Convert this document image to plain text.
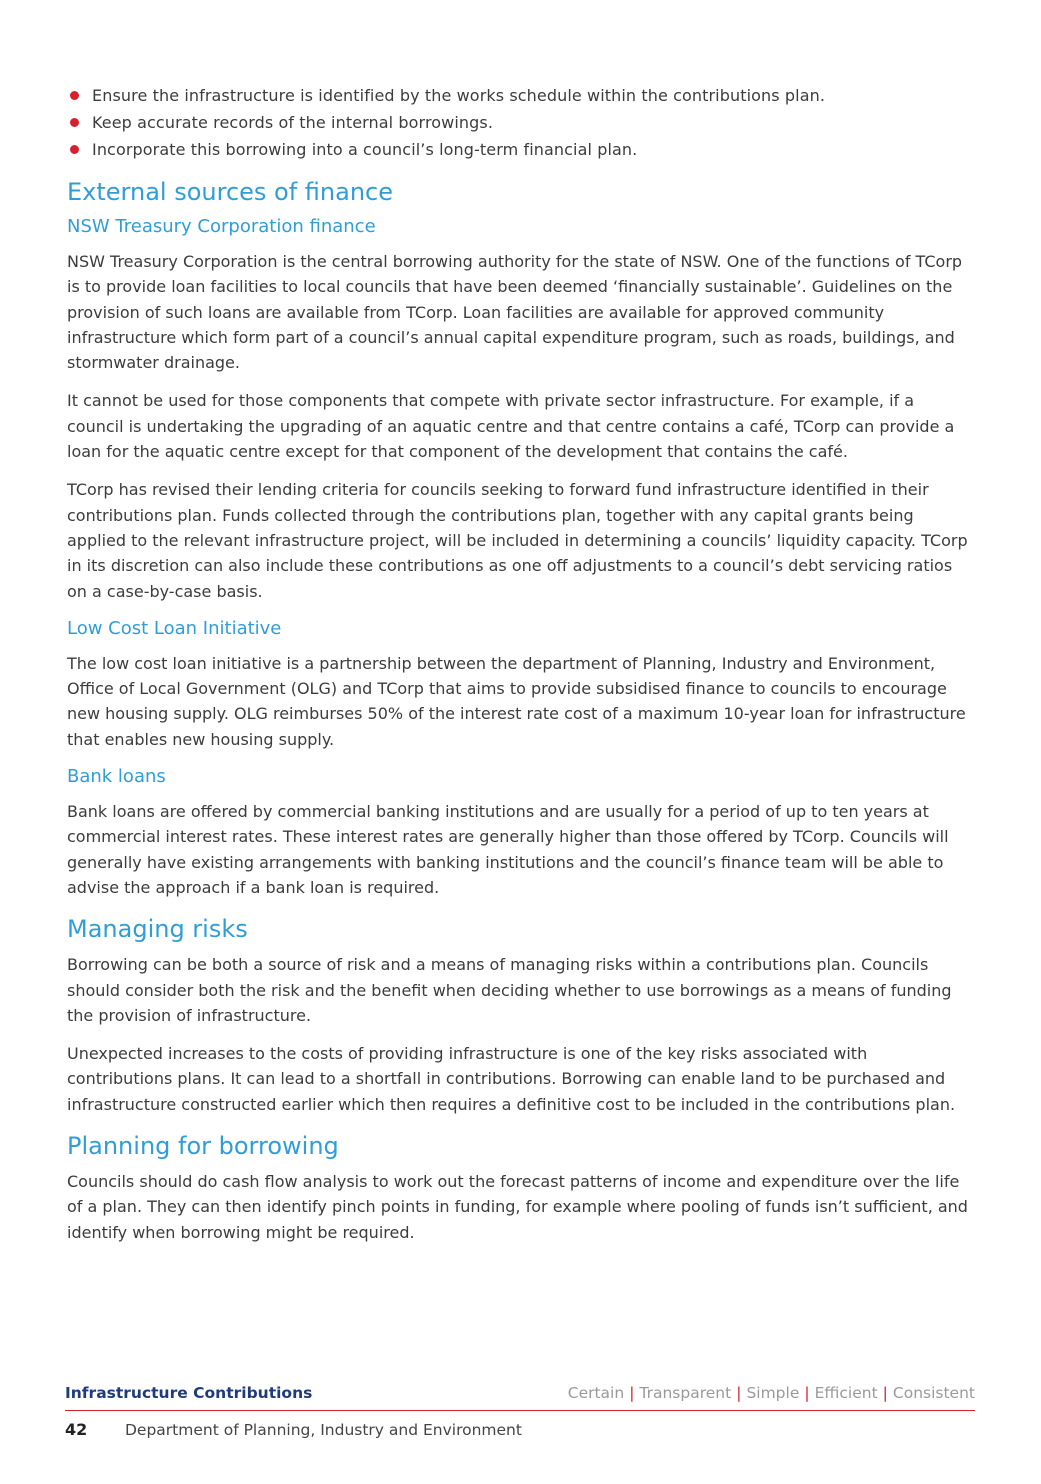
Ensure the infrastructure is identified by the works schedule within the contributions plan.
Keep accurate records of the internal borrowings.
Incorporate this borrowing into a council’s long-term financial plan.
External sources of finance
NSW Treasury Corporation finance

NSW Treasury Corporation is the central borrowing authority for the state of NSW. One of the functions of TCorp is to provide loan facilities to local councils that have been deemed ‘financially sustainable’. Guidelines on the provision of such loans are available from TCorp. Loan facilities are available for approved community infrastructure which form part of a council’s annual capital expenditure program, such as roads, buildings, and stormwater drainage.

It cannot be used for those components that compete with private sector infrastructure. For example, if a council is undertaking the upgrading of an aquatic centre and that centre contains a café, TCorp can provide a loan for the aquatic centre except for that component of the development that contains the café.

TCorp has revised their lending criteria for councils seeking to forward fund infrastructure identified in their contributions plan. Funds collected through the contributions plan, together with any capital grants being applied to the relevant infrastructure project, will be included in determining a councils’ liquidity capacity. TCorp in its discretion can also include these contributions as one off adjustments to a council’s debt servicing ratios on a case-by-case basis.

Low Cost Loan Initiative

The low cost loan initiative is a partnership between the department of Planning, Industry and Environment, Office of Local Government (OLG) and TCorp that aims to provide subsidised finance to councils to encourage new housing supply. OLG reimburses 50% of the interest rate cost of a maximum 10-year loan for infrastructure that enables new housing supply.

Bank loans

Bank loans are offered by commercial banking institutions and are usually for a period of up to ten years at commercial interest rates. These interest rates are generally higher than those offered by TCorp. Councils will generally have existing arrangements with banking institutions and the council’s finance team will be able to advise the approach if a bank loan is required.

Managing risks

Borrowing can be both a source of risk and a means of managing risks within a contributions plan. Councils should consider both the risk and the benefit when deciding whether to use borrowings as a means of funding the provision of infrastructure.

Unexpected increases to the costs of providing infrastructure is one of the key risks associated with contributions plans. It can lead to a shortfall in contributions. Borrowing can enable land to be purchased and infrastructure constructed earlier which then requires a definitive cost to be included in the contributions plan.

Planning for borrowing

Councils should do cash flow analysis to work out the forecast patterns of income and expenditure over the life of a plan. They can then identify pinch points in funding, for example where pooling of funds isn’t sufficient, and identify when borrowing might be required.

Infrastructure Contributions	Certain | Transparent | Simple | Efficient | Consistent
42	Department of Planning, Industry and Environment
